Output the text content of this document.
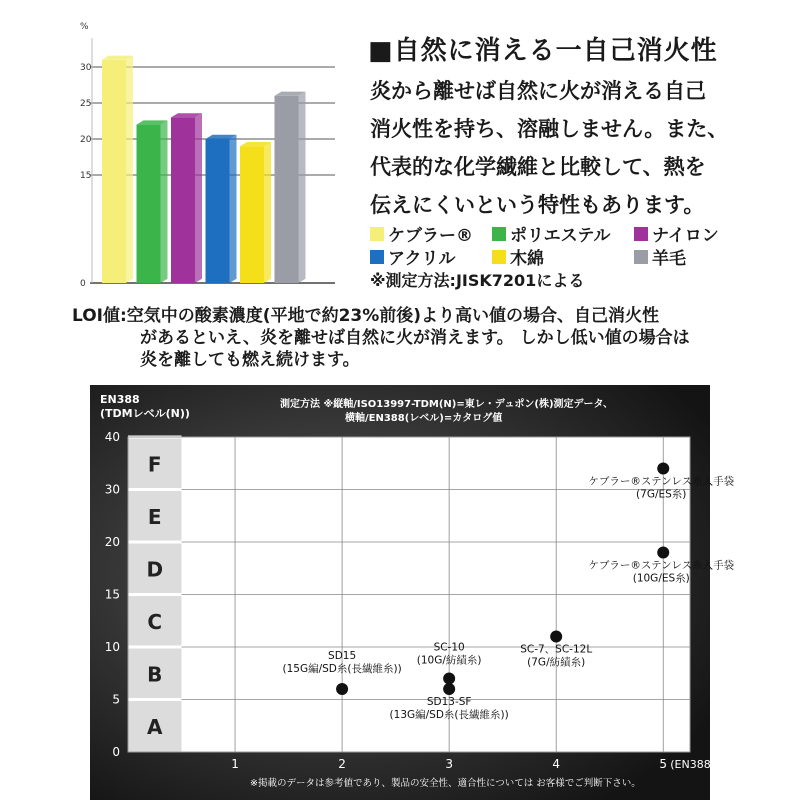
%
0
15
20
25
30
■自然に消える一自己消火性
炎から離せば自然に火が消える自己
消火性を持ち、溶融しません。また、
代表的な化学繊維と比較して、熱を
伝えにくいという特性もあります。
ケブラー® ポリエステル ナイロン
アクリル	木綿	羊毛
※測定方法:JISK7201による
LOI値:空気中の酸素濃度(平地で約23%前後)より高い値の場合、自己消火性
があるといえ、炎を離せば自然に火が消えます。 しかし低い値の場合は
炎を離しても燃え続けます。
A
B
C
D
E
F
0
5
10
15
20
30
40
1	2	3	4	5 (EN388レベル)
EN388
(TDMレベル(N))
測定方法 ※縦軸/ISO13997-TDM(N)=東レ・デュポン(株)測定データ、
横軸/EN388(レベル)=カタログ値
SD15
(15G編/SD糸(長繊維糸))
SC-10
(10G/紡績糸)
SD13-SF
(13G編/SD糸(長繊維糸))
SC-7、SC-12L
(7G/紡績糸)
ケブラー®ステンレス糸入手袋
(10G/ES糸)
ケブラー®ステンレス糸入手袋
(7G/ES糸)
※掲載のデータは参考値であり、製品の安全性、適合性については お客様でご判断下さい。
